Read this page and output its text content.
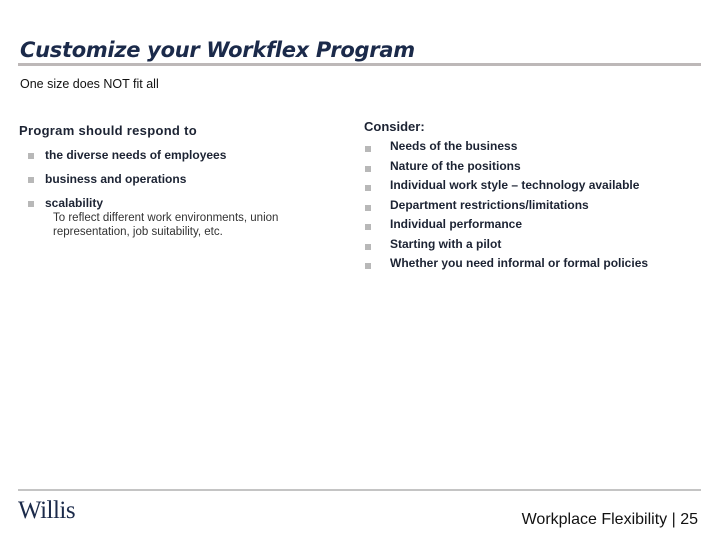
Customize your Workflex Program
One size does NOT fit all
Program should respond to
the diverse needs of employees
business and operations
scalability
To reflect different work environments, union representation, job suitability, etc.
Consider:
Needs of the business
Nature of the positions
Individual work style – technology available
Department restrictions/limitations
Individual performance
Starting with a pilot
Whether you need informal or formal policies
Willis	Workplace Flexibility | 25
